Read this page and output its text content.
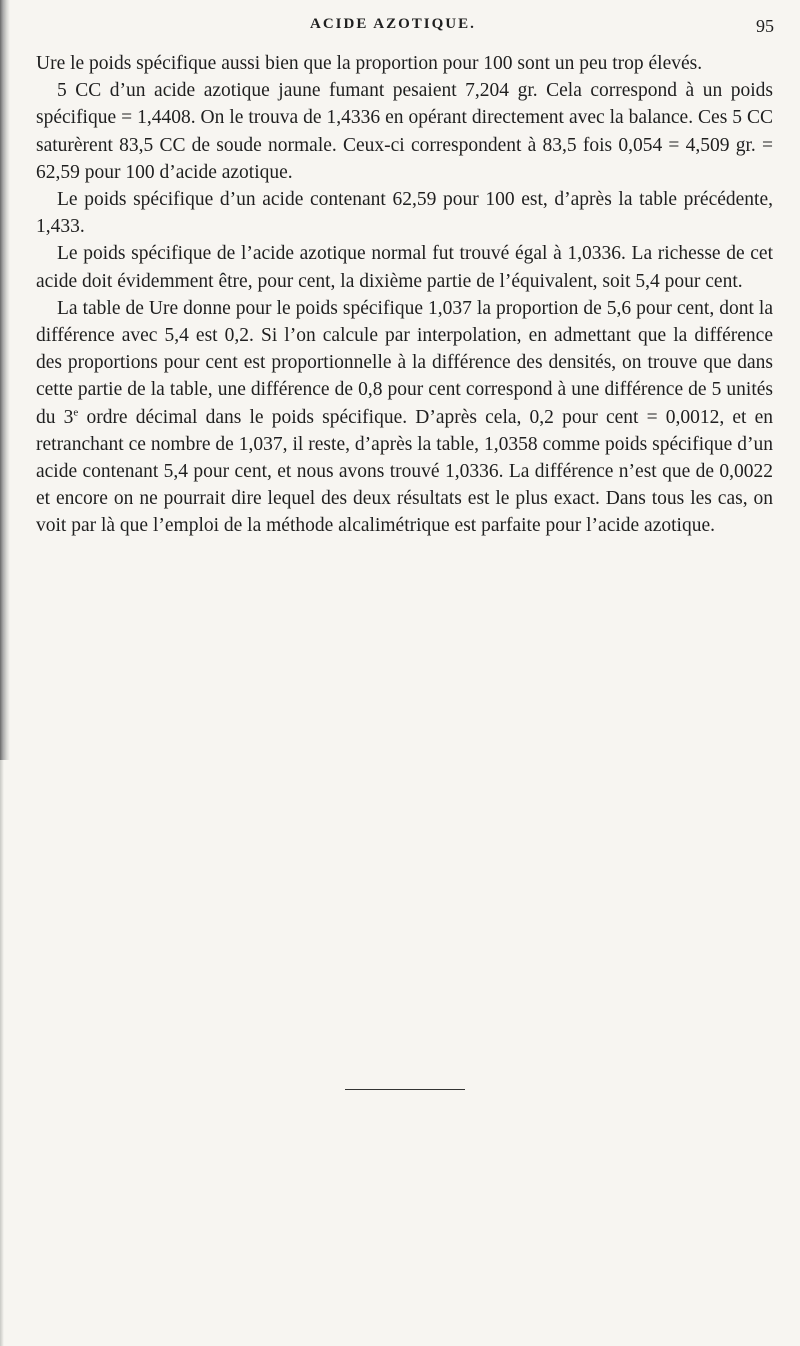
ACIDE AZOTIQUE.	95

Ure le poids spécifique aussi bien que la proportion pour 100 sont un peu trop élevés.

5 CC d’un acide azotique jaune fumant pesaient 7,204 gr. Cela correspond à un poids spécifique = 1,4408. On le trouva de 1,4336 en opérant directement avec la balance. Ces 5 CC saturèrent 83,5 CC de soude normale. Ceux-ci correspondent à 83,5 fois 0,054 = 4,509 gr. = 62,59 pour 100 d’acide azotique.

Le poids spécifique d’un acide contenant 62,59 pour 100 est, d’après la table précédente, 1,433.

Le poids spécifique de l’acide azotique normal fut trouvé égal à 1,0336. La richesse de cet acide doit évidemment être, pour cent, la dixième partie de l’équivalent, soit 5,4 pour cent.

La table de Ure donne pour le poids spécifique 1,037 la proportion de 5,6 pour cent, dont la différence avec 5,4 est 0,2. Si l’on calcule par interpolation, en admettant que la différence des proportions pour cent est proportionnelle à la différence des densités, on trouve que dans cette partie de la table, une différence de 0,8 pour cent correspond à une différence de 5 unités du 3e ordre décimal dans le poids spécifique. D’après cela, 0,2 pour cent = 0,0012, et en retranchant ce nombre de 1,037, il reste, d’après la table, 1,0358 comme poids spécifique d’un acide contenant 5,4 pour cent, et nous avons trouvé 1,0336. La différence n’est que de 0,0022 et encore on ne pourrait dire lequel des deux résultats est le plus exact. Dans tous les cas, on voit par là que l’emploi de la méthode alcalimétrique est parfaite pour l’acide azotique.
